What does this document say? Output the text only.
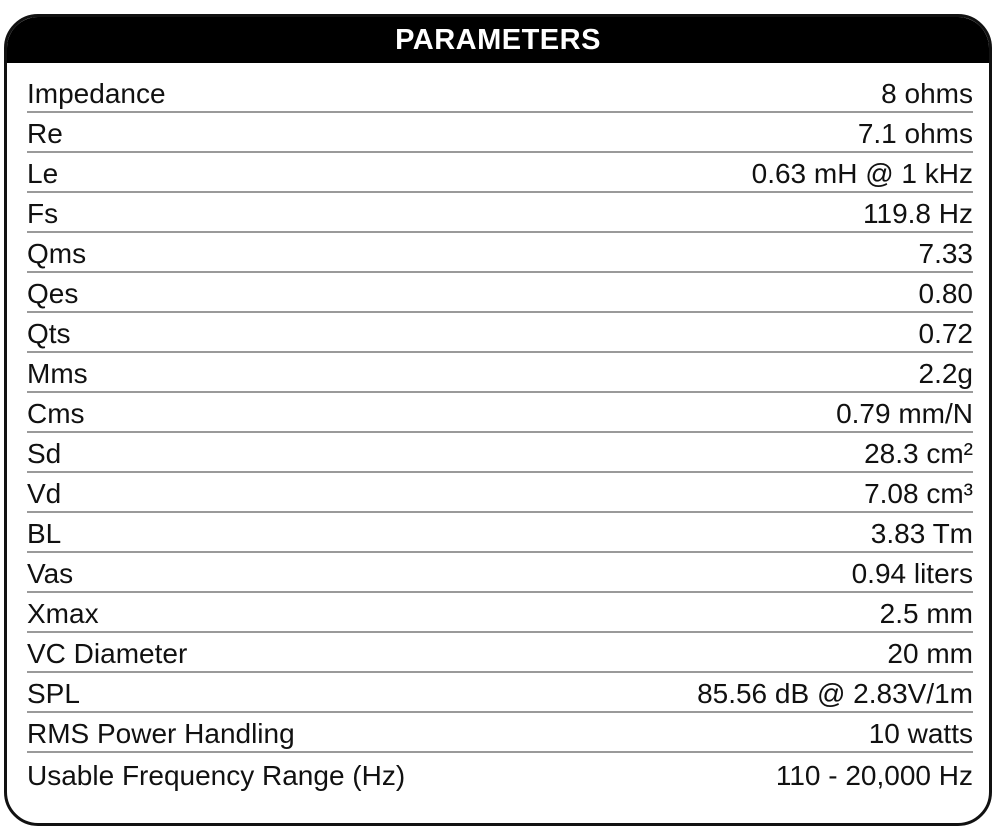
PARAMETERS
Impedance	8 ohms
Re	7.1 ohms
Le	0.63 mH @ 1 kHz
Fs	119.8 Hz
Qms	7.33
Qes	0.80
Qts	0.72
Mms	2.2g
Cms	0.79 mm/N
Sd	28.3 cm²
Vd	7.08 cm³
BL	3.83 Tm
Vas	0.94 liters
Xmax	2.5 mm
VC Diameter	20 mm
SPL	85.56 dB @ 2.83V/1m
RMS Power Handling	10 watts
Usable Frequency Range (Hz)	110 - 20,000 Hz
